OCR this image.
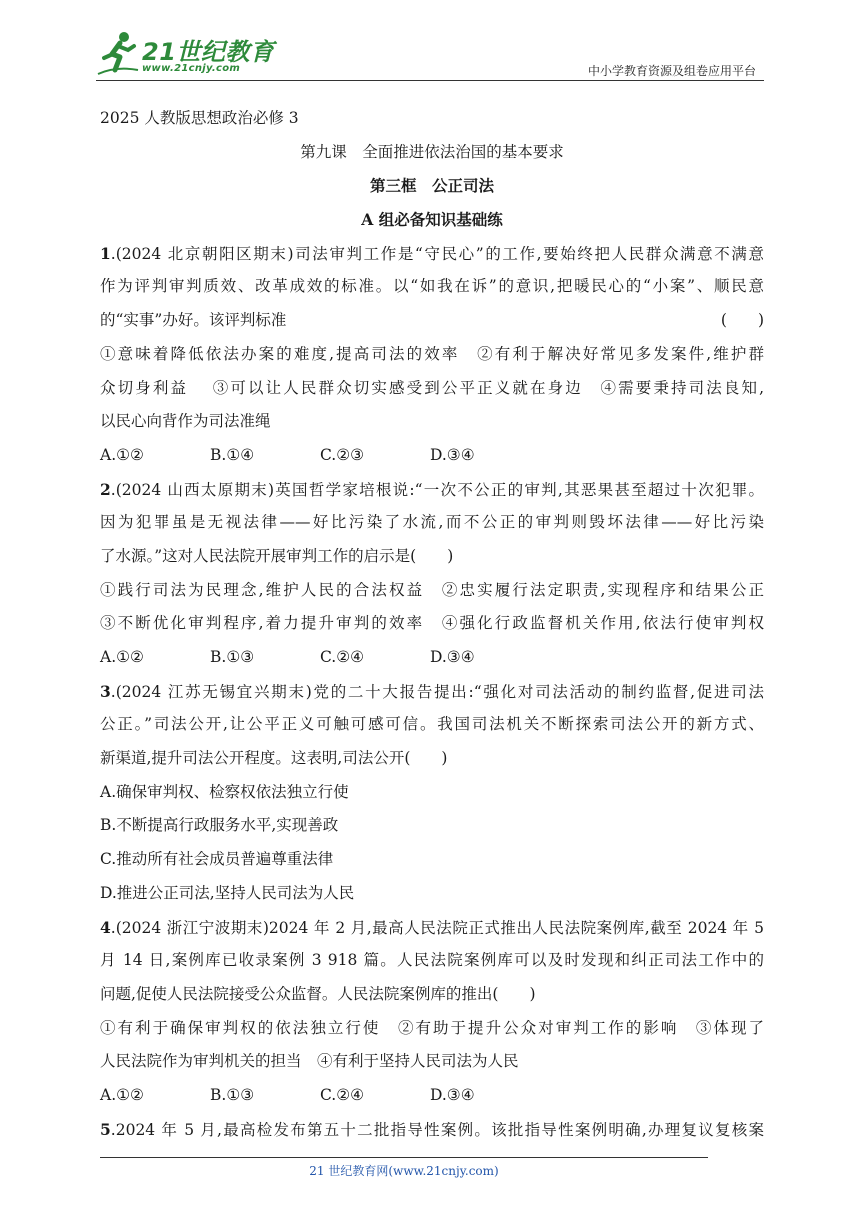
21世纪教育
www.21cnjy.com	中小学教育资源及组卷应用平台
2025 人教版思想政治必修 3
第九课　全面推进依法治国的基本要求
第三框　公正司法
A 组必备知识基础练
1.(2024 北京朝阳区期末)司法审判工作是“守民心”的工作,要始终把人民群众满意不满意
作为评判审判质效、改革成效的标准。以“如我在诉”的意识,把暖民心的“小案”、顺民意
的“实事”办好。该评判标准	(　　)
①意味着降低依法办案的难度,提高司法的效率　②有利于解决好常见多发案件,维护群
众切身利益　 ③可以让人民群众切实感受到公平正义就在身边　④需要秉持司法良知,
以民心向背作为司法准绳
A.①②	B.①④	C.②③	D.③④
2.(2024 山西太原期末)英国哲学家培根说:“一次不公正的审判,其恶果甚至超过十次犯罪。
因为犯罪虽是无视法律——好比污染了水流,而不公正的审判则毁坏法律——好比污染
了水源。”这对人民法院开展审判工作的启示是(　　)
①践行司法为民理念,维护人民的合法权益　②忠实履行法定职责,实现程序和结果公正
③不断优化审判程序,着力提升审判的效率　④强化行政监督机关作用,依法行使审判权
A.①②	B.①③	C.②④	D.③④
3.(2024 江苏无锡宜兴期末)党的二十大报告提出:“强化对司法活动的制约监督,促进司法
公正。”司法公开,让公平正义可触可感可信。我国司法机关不断探索司法公开的新方式、
新渠道,提升司法公开程度。这表明,司法公开(　　)
A.确保审判权、检察权依法独立行使
B.不断提高行政服务水平,实现善政
C.推动所有社会成员普遍尊重法律
D.推进公正司法,坚持人民司法为人民
4.(2024 浙江宁波期末)2024 年 2 月,最高人民法院正式推出人民法院案例库,截至 2024 年 5
月 14 日,案例库已收录案例 3 918 篇。人民法院案例库可以及时发现和纠正司法工作中的
问题,促使人民法院接受公众监督。人民法院案例库的推出(　　)
①有利于确保审判权的依法独立行使　②有助于提升公众对审判工作的影响　③体现了
人民法院作为审判机关的担当　④有利于坚持人民司法为人民
A.①②	B.①③	C.②④	D.③④
5.2024 年 5 月,最高检发布第五十二批指导性案例。该批指导性案例明确,办理复议复核案
21 世纪教育网(www.21cnjy.com)
